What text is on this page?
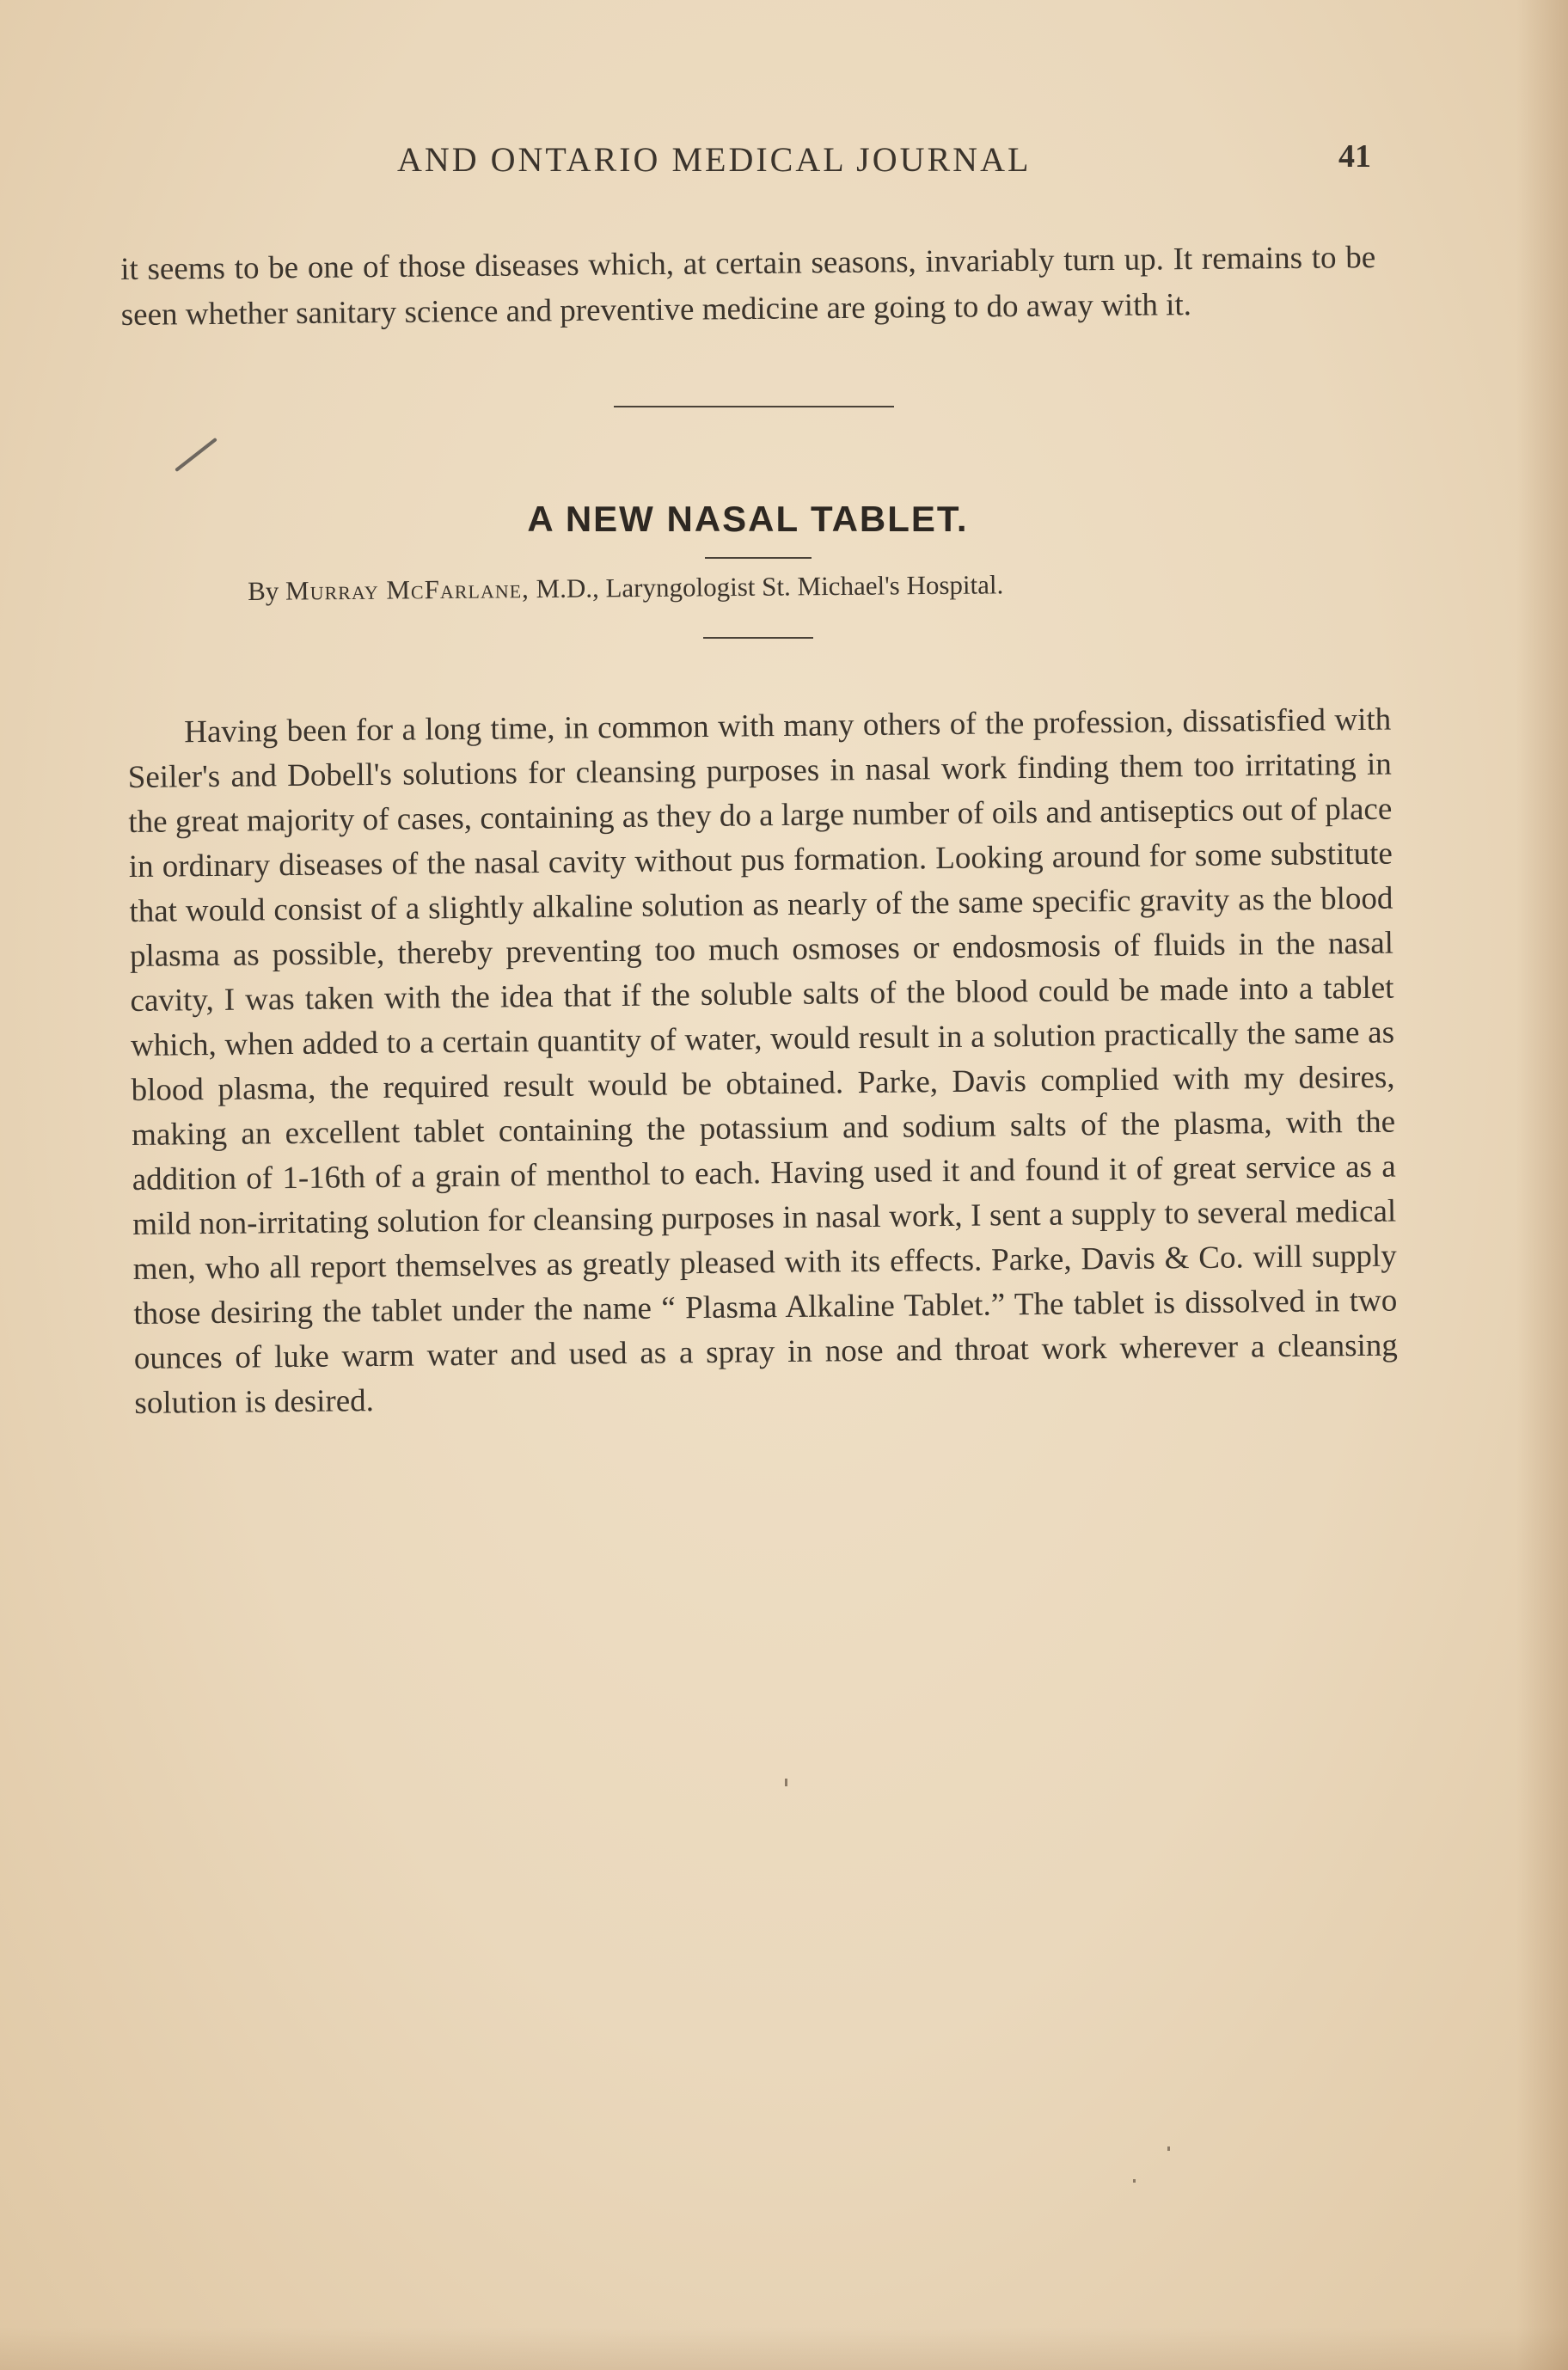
AND ONTARIO MEDICAL JOURNAL	41

it seems to be one of those diseases which, at certain seasons, invariably turn up. It remains to be seen whether sanitary science and preventive medicine are going to do away with it.

A NEW NASAL TABLET.
By Murray McFarlane, M.D., Laryngologist St. Michael's Hospital.

Having been for a long time, in common with many others of the profession, dissatisfied with Seiler's and Dobell's solutions for cleansing purposes in nasal work finding them too irritating in the great majority of cases, containing as they do a large number of oils and antiseptics out of place in ordinary diseases of the nasal cavity without pus formation. Looking around for some substitute that would consist of a slightly alkaline solution as nearly of the same specific gravity as the blood plasma as possible, thereby preventing too much osmoses or endosmosis of fluids in the nasal cavity, I was taken with the idea that if the soluble salts of the blood could be made into a tablet which, when added to a certain quantity of water, would result in a solution practically the same as blood plasma, the required result would be obtained. Parke, Davis complied with my desires, making an excellent tablet containing the potassium and sodium salts of the plasma, with the addition of 1-16th of a grain of menthol to each. Having used it and found it of great service as a mild non-irritating solution for cleansing purposes in nasal work, I sent a supply to several medical men, who all report themselves as greatly pleased with its effects. Parke, Davis & Co. will supply those desiring the tablet under the name “ Plasma Alkaline Tablet.” The tablet is dissolved in two ounces of luke warm water and used as a spray in nose and throat work wherever a cleansing solution is desired.
